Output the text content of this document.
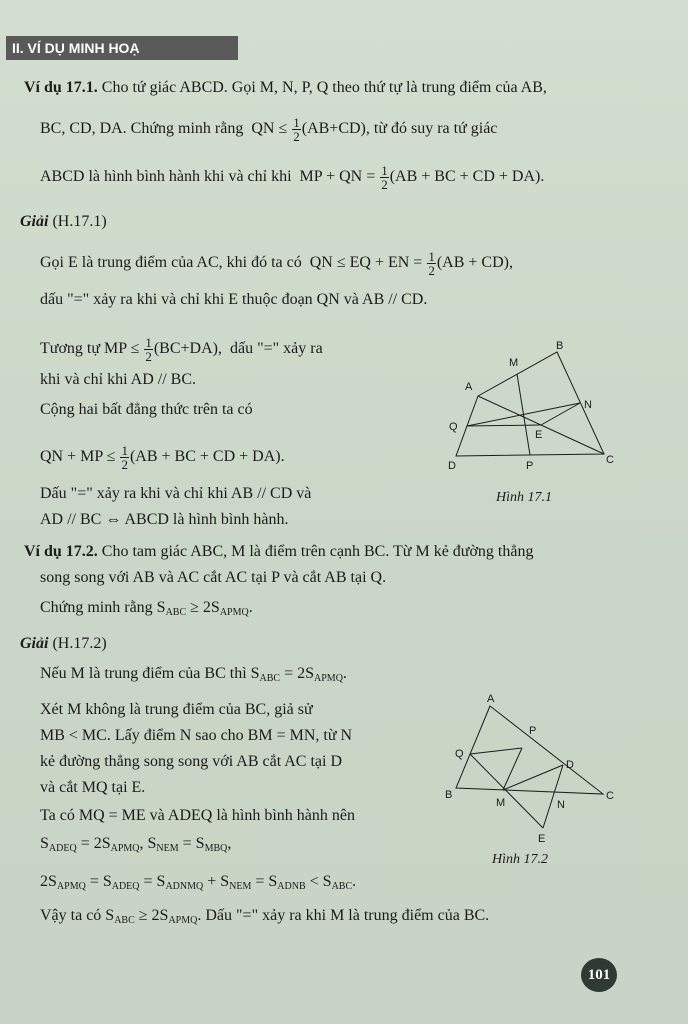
II. VÍ DỤ MINH HOẠ
Ví dụ 17.1. Cho tứ giác ABCD. Gọi M, N, P, Q theo thứ tự là trung điểm của AB,
BC, CD, DA. Chứng minh rằng QN ≤ $\frac{1}{2} (AB+CD)$, từ đó suy ra tứ giác
ABCD là hình bình hành khi và chỉ khi MP + QN = $\frac{1}{2} (AB$ + BC + CD + DA).
Giải (H.17.1)
Gọi E là trung điểm của AC, khi đó ta có QN ≤ EQ + EN = $\frac{1}{2} (AB + CD)$,
dấu "=" xảy ra khi và chỉ khi E thuộc đoạn QN và AB // CD.
Tương tự MP ≤ $\frac{1}{2} (BC+DA)$, dấu "=" xảy ra
khi và chỉ khi AD // BC.
Cộng hai bất đẳng thức trên ta có
QN + MP ≤ $\frac{1}{2} (AB$ + BC + CD + DA).
Dấu "=" xảy ra khi và chỉ khi AB // CD và
AD // BC ⇔ ABCD là hình bình hành.
B
M
A
N
Q
E
C
D	P
Hình 17.1
Ví dụ 17.2. Cho tam giác ABC, M là điểm trên cạnh BC. Từ M kẻ đường thẳng
song song với AB và AC cắt AC tại P và cắt AB tại Q.
Chứng minh rằng $S_{ABC} \ge 2S_{APMQ}$.
Giải (H.17.2)
Nếu M là trung điểm của BC thì $S_{ABC} = 2S_{APMQ}$.
Xét M không là trung điểm của BC, giả sử
MB < MC. Lấy điểm N sao cho BM = MN, từ N
kẻ đường thẳng song song với AB cắt AC tại D
và cắt MQ tại E.
Ta có MQ = ME và ADEQ là hình bình hành nên
$S_{ADEQ} = 2S_{APMQ}$, $S_{NEM} = S_{MBQ}$,
$2S_{APMQ} = S_{ADEQ} = S_{ADNMQ} + S_{NEM} = S_{ADNB} < S_{ABC}$.
Vậy ta có $S_{ABC} \ge 2S_{APMQ}$. Dấu "=" xảy ra khi M là trung điểm của BC.
A
P
Q
D
B	C
M	N
E
Hình 17.2
101
